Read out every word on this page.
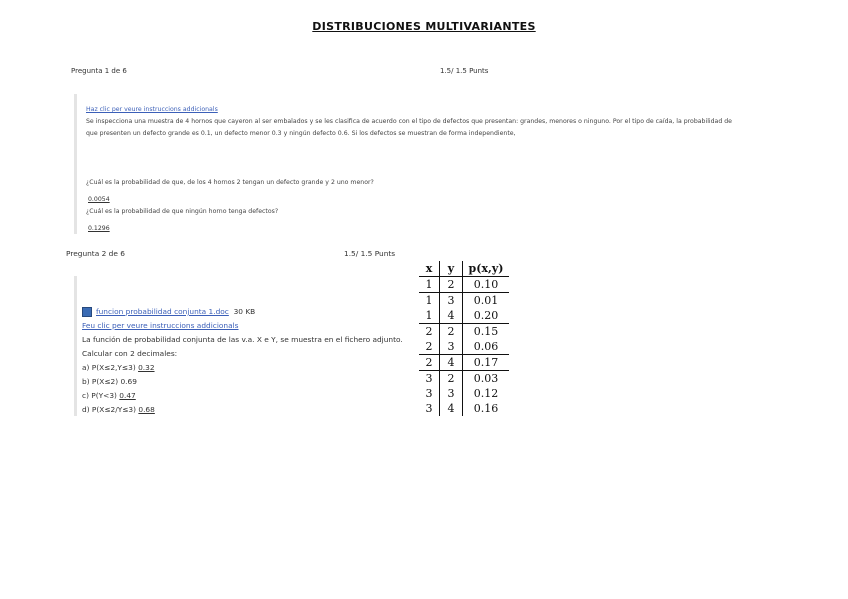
DISTRIBUCIONES MULTIVARIANTES
Pregunta 1 de 6	1.5/ 1.5 Punts
Haz clic per veure instruccions addicionals
Se inspecciona una muestra de 4 hornos que cayeron al ser embalados y se les clasifica de acuerdo con el tipo de defectos que presentan: grandes, menores o ninguno. Por el tipo de caída, la probabilidad de
que presenten un defecto grande es 0.1, un defecto menor 0.3 y ningún defecto 0.6. Si los defectos se muestran de forma independiente,
¿Cuál es la probabilidad de que, de los 4 hornos 2 tengan un defecto grande y 2 uno menor?
0.0054
¿Cuál es la probabilidad de que ningún horno tenga defectos?
0.1296
Pregunta 2 de 6	1.5/ 1.5 Punts
funcion probabilidad conjunta 1.doc 30 KB
Feu clic per veure instruccions addicionals
La función de probabilidad conjunta de las v.a. X e Y, se muestra en el fichero adjunto.
Calcular con 2 decimales:
a) P(X≤2,Y≤3) 0.32
b) P(X≤2) 0.69
c) P(Y<3) 0.47
d) P(X≤2/Y≤3) 0.68
x	y	p(x,y)
1	2	0.10
1	3	0.01
1	4	0.20
2	2	0.15
2	3	0.06
2	4	0.17
3	2	0.03
3	3	0.12
3	4	0.16
